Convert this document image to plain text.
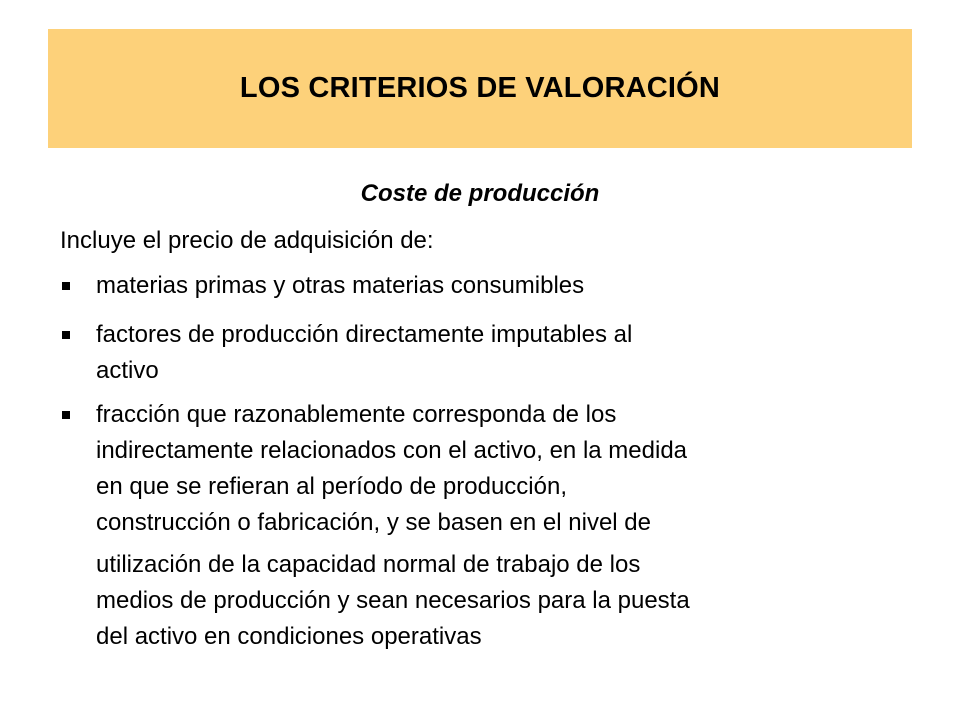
LOS CRITERIOS DE VALORACIÓN
Coste de producción
Incluye el precio de adquisición de:
materias primas y otras materias consumibles
factores de producción directamente imputables al
activo
fracción que razonablemente corresponda de los
indirectamente relacionados con el activo, en la medida
en que se refieran al período de producción,
construcción o fabricación, y se basen en el nivel de
utilización de la capacidad normal de trabajo de los
medios de producción y sean necesarios para la puesta
del activo en condiciones operativas
